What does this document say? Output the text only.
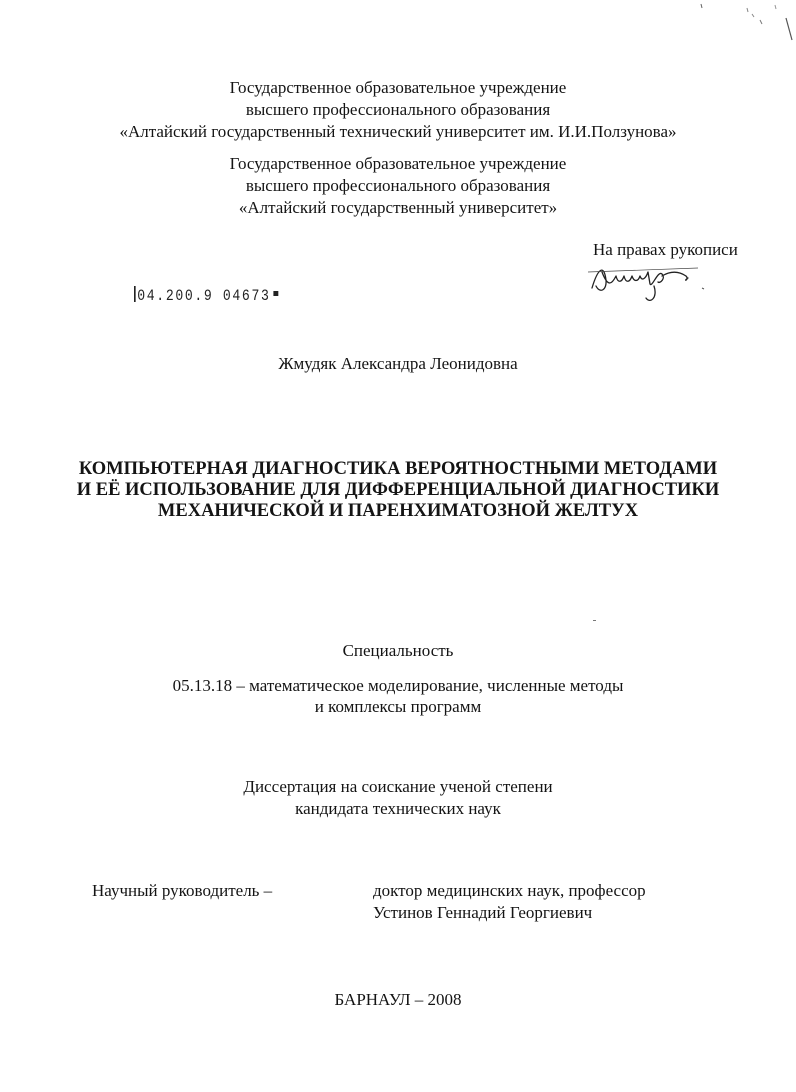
Государственное образовательное учреждение
высшего профессионального образования
«Алтайский государственный технический университет им. И.И.Ползунова»
Государственное образовательное учреждение
высшего профессионального образования
«Алтайский государственный университет»
На правах рукописи
04.200.9 04673
Жмудяк Александра Леонидовна
КОМПЬЮТЕРНАЯ ДИАГНОСТИКА ВЕРОЯТНОСТНЫМИ МЕТОДАМИ
И ЕЁ ИСПОЛЬЗОВАНИЕ ДЛЯ ДИФФЕРЕНЦИАЛЬНОЙ ДИАГНОСТИКИ
МЕХАНИЧЕСКОЙ И ПАРЕНХИМАТОЗНОЙ ЖЕЛТУХ
Специальность
05.13.18 – математическое моделирование, численные методы
и комплексы программ
Диссертация на соискание ученой степени
кандидата технических наук
Научный руководитель –	доктор медицинских наук, профессор
Устинов Геннадий Георгиевич
БАРНАУЛ – 2008
